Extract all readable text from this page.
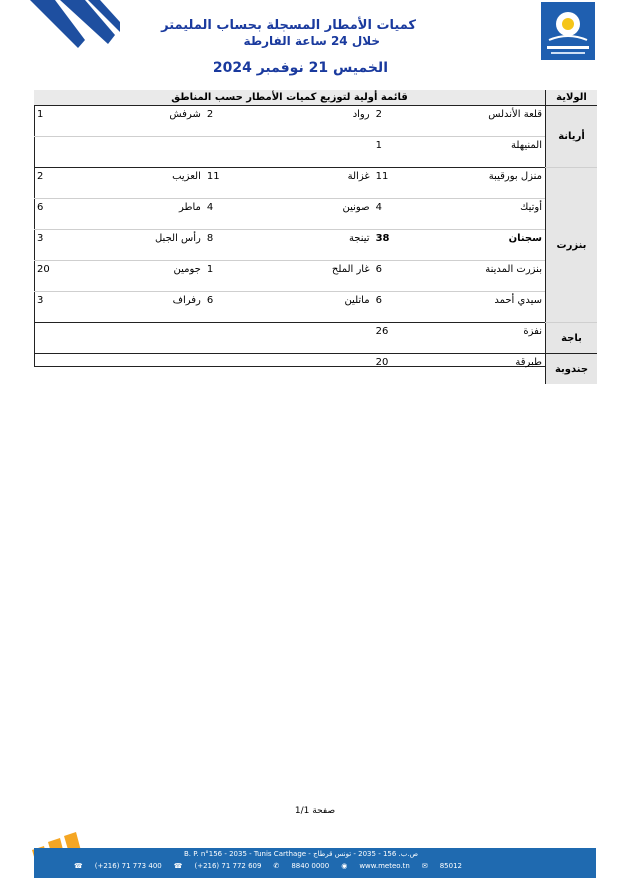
كميات الأمطار المسجلة بحساب المليمتر
خلال 24 ساعة الفارطة
الخميس 21 نوفمبر 2024
الولاية	قائمة أولية لتوزيع كميات الأمطار حسب المناطق					
أريانة	قلعة الأندلس	2	رواد	2	شرفش	1
	المنيهلة	1				
بنزرت	منزل بورقيبة	11	غزالة	11	العزيب	2
	أوتيك	4	صونين	4	ماطر	6
	سجنان	38	تينجة	8	رأس الجبل	3
	بنزرت المدينة	6	غار الملح	1	جومين	20
	سيدي أحمد	6	ماتلين	6	رفراف	3
باجة	نفزة	26				
جندوبة	طبرقة	20				
صفحة 1/1
B. P. n°156 - 2035 - Tunis Carthage - ص.ب. 156 - 2035 - تونس قرطاج
☎ (+216) 71 773 400 ☎ (+216) 71 772 609 ✆ 8840 0000 ◉ www.meteo.tn ✉ 85012
